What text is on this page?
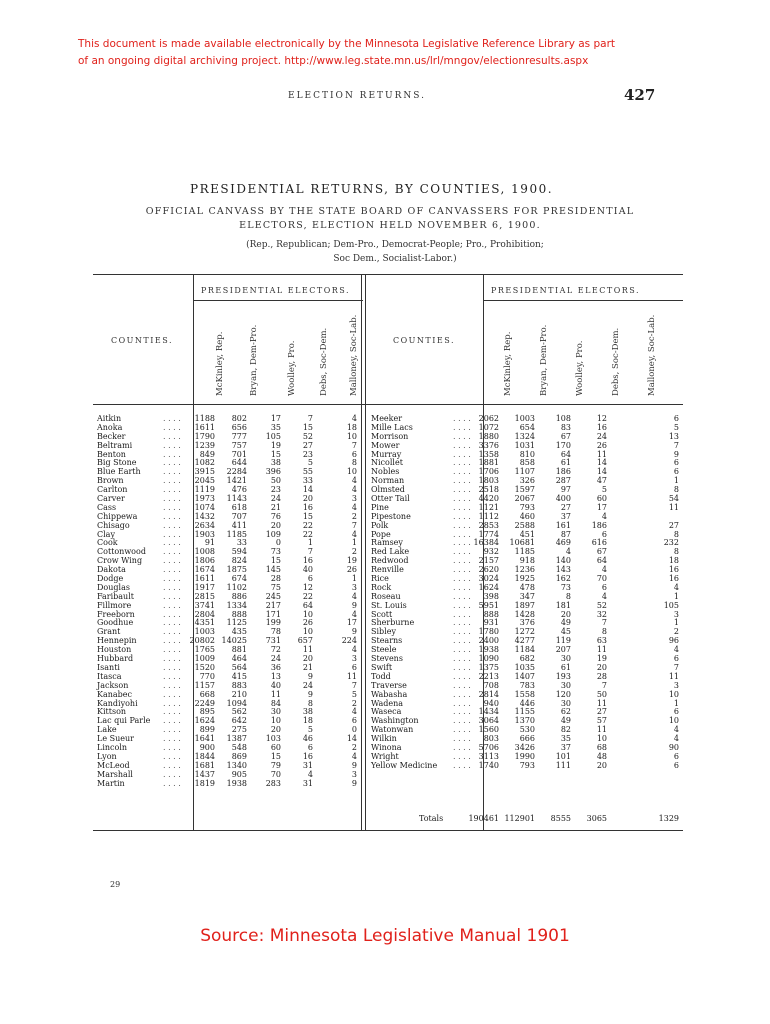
This document is made available electronically by the Minnesota Legislative Reference Library as part
of an ongoing digital archiving project. http://www.leg.state.mn.us/lrl/mngov/electionresults.aspx
ELECTION RETURNS.	427
PRESIDENTIAL RETURNS, BY COUNTIES, 1900.
OFFICIAL CANVASS BY THE STATE BOARD OF CANVASSERS FOR PRESIDENTIAL
ELECTORS, ELECTION HELD NOVEMBER 6, 1900.
(Rep., Republican; Dem-Pro., Democrat-People; Pro., Prohibition;
Soc Dem., Socialist-Labor.)
PRESIDENTIAL ELECTORS.	PRESIDENTIAL ELECTORS.
COUNTIES.	COUNTIES.
McKinley, Rep.	McKinley, Rep.
Bryan, Dem-Pro.	Bryan, Dem-Pro.
Woolley, Pro.	Woolley, Pro.
Debs, Soc-Dem.	Debs, Soc-Dem.
Malloney, Soc-Lab.	Malloney, Soc-Lab.
Aitkin	. . . . 1188 802	17	7	4
Anoka	. . . . 1611 656	35	15	18
Becker	. . . . 1790 777 105	52	10
Beltrami	. . . . 1239 757	19	27	7
Benton	. . . . 849 701	15	23	6
Big Stone	. . . . 1082 644	38	5	8
Blue Earth	. . . . 3915 2284 396	55	10
Brown	. . . . 2045 1421	50	33	4
Carlton	. . . . 1119 476	23	14	4
Carver	. . . . 1973 1143	24	20	3
Cass	. . . . 1074 618	21	16	4
Chippewa	. . . . 1432 707	76	15	2
Chisago	. . . . 2634 411	20	22	7
Clay	. . . . 1903 1185 109	22	4
Cook	. . . .	91	33	0	1	1
Cottonwood . . . . 1008 594	73	7	2
Crow Wing	. . . . 1806 824	15	16	19
Dakota	. . . . 1674 1875 145	40	26
Dodge	. . . . 1611 674	28	6	1
Douglas	. . . . 1917 1102	75	12	3
Faribault	. . . . 2815 886 245	22	4
Fillmore	. . . . 3741 1334 217	64	9
Freeborn	. . . . 2804 888 171	10	4
Goodhue	. . . . 4351 1125 199	26	17
Grant	. . . . 1003 435	78	10	9
Hennepin	. . . . 20802 14025 731 657	224
Houston	. . . . 1765 881	72	11	4
Hubbard	. . . . 1009 464	24	20	3
Isanti	. . . . 1520 564	36	21	6
Itasca	. . . . 770 415	13	9	11
Jackson	. . . . 1157 883	40	24	7
Kanabec	. . . . 668 210	11	9	5
Kandiyohi	. . . . 2249 1094	84	8	2
Kittson	. . . . 895 562	30	38	4
Lac qui Parle . . . . 1624 642	10	18	6
Lake	. . . . 899 275	20	5	0
Le Sueur	. . . . 1641 1387 103	46	14
Lincoln	. . . . 900 548	60	6	2
Lyon	. . . . 1844 869	15	16	4
McLeod	. . . . 1681 1340	79	31	9
Marshall	. . . . 1437 905	70	4	3
Martin	. . . . 1819 1938 283	31	9
Meeker	. . . . 2062 1003	108	12	6
Mille Lacs	. . . . 1072	654	83	16	5
Morrison	. . . . 1880 1324	67	24	13
Mower	. . . . 3376 1031	170	26	7
Murray	. . . . 1358	810	64	11	9
Nicollet	. . . . 1881	858	61	14	6
Nobles	. . . . 1706 1107	186	14	6
Norman	. . . . 1803	326	287	47	1
Olmsted	. . . . 2518 1597	97	5	8
Otter Tail	. . . . 4420 2067	400	60	54
Pine	. . . . 1121	793	27	17	11
Pipestone	. . . . 1112	460	37	4
Polk	. . . . 2853 2588	161	186	27
Pope	. . . . 1774	451	87	6	8
Ramsey	. . . . 16384 10681	469	616	232
Red Lake	. . . . 932 1185	4	67	8
Redwood	. . . . 2157	918	140	64	18
Renville	. . . . 2620 1236	143	4	16
Rice	. . . . 3024 1925	162	70	16
Rock	. . . . 1624	478	73	6	4
Roseau	. . . . 398	347	8	4	1
St. Louis	. . . . 5951 1897	181	52	105
Scott	. . . . 888 1428	20	32	3
Sherburne	. . . . 931	376	49	7	1
Sibley	. . . . 1780 1272	45	8	2
Stearns	. . . . 2400 4277	119	63	96
Steele	. . . . 1938 1184	207	11	4
Stevens	. . . . 1090	682	30	19	6
Swift	. . . . 1375 1035	61	20	7
Todd	. . . . 2213 1407	193	28	11
Traverse	. . . . 708	783	30	7	3
Wabasha	. . . . 2814 1558	120	50	10
Wadena	. . . . 940	446	30	11	1
Waseca	. . . . 1434 1155	62	27	6
Washington	. . . . 3064 1370	49	57	10
Watonwan	. . . . 1560	530	82	11	4
Wilkin	. . . . 803	666	35	10	4
Winona	. . . . 5706 3426	37	68	90
Wright	. . . . 3113 1990	101	48	6
Yellow Medicine . . . . 1740	793	111	20	6
Totals	190461 112901 8555 3065	1329
29
Source: Minnesota Legislative Manual 1901
